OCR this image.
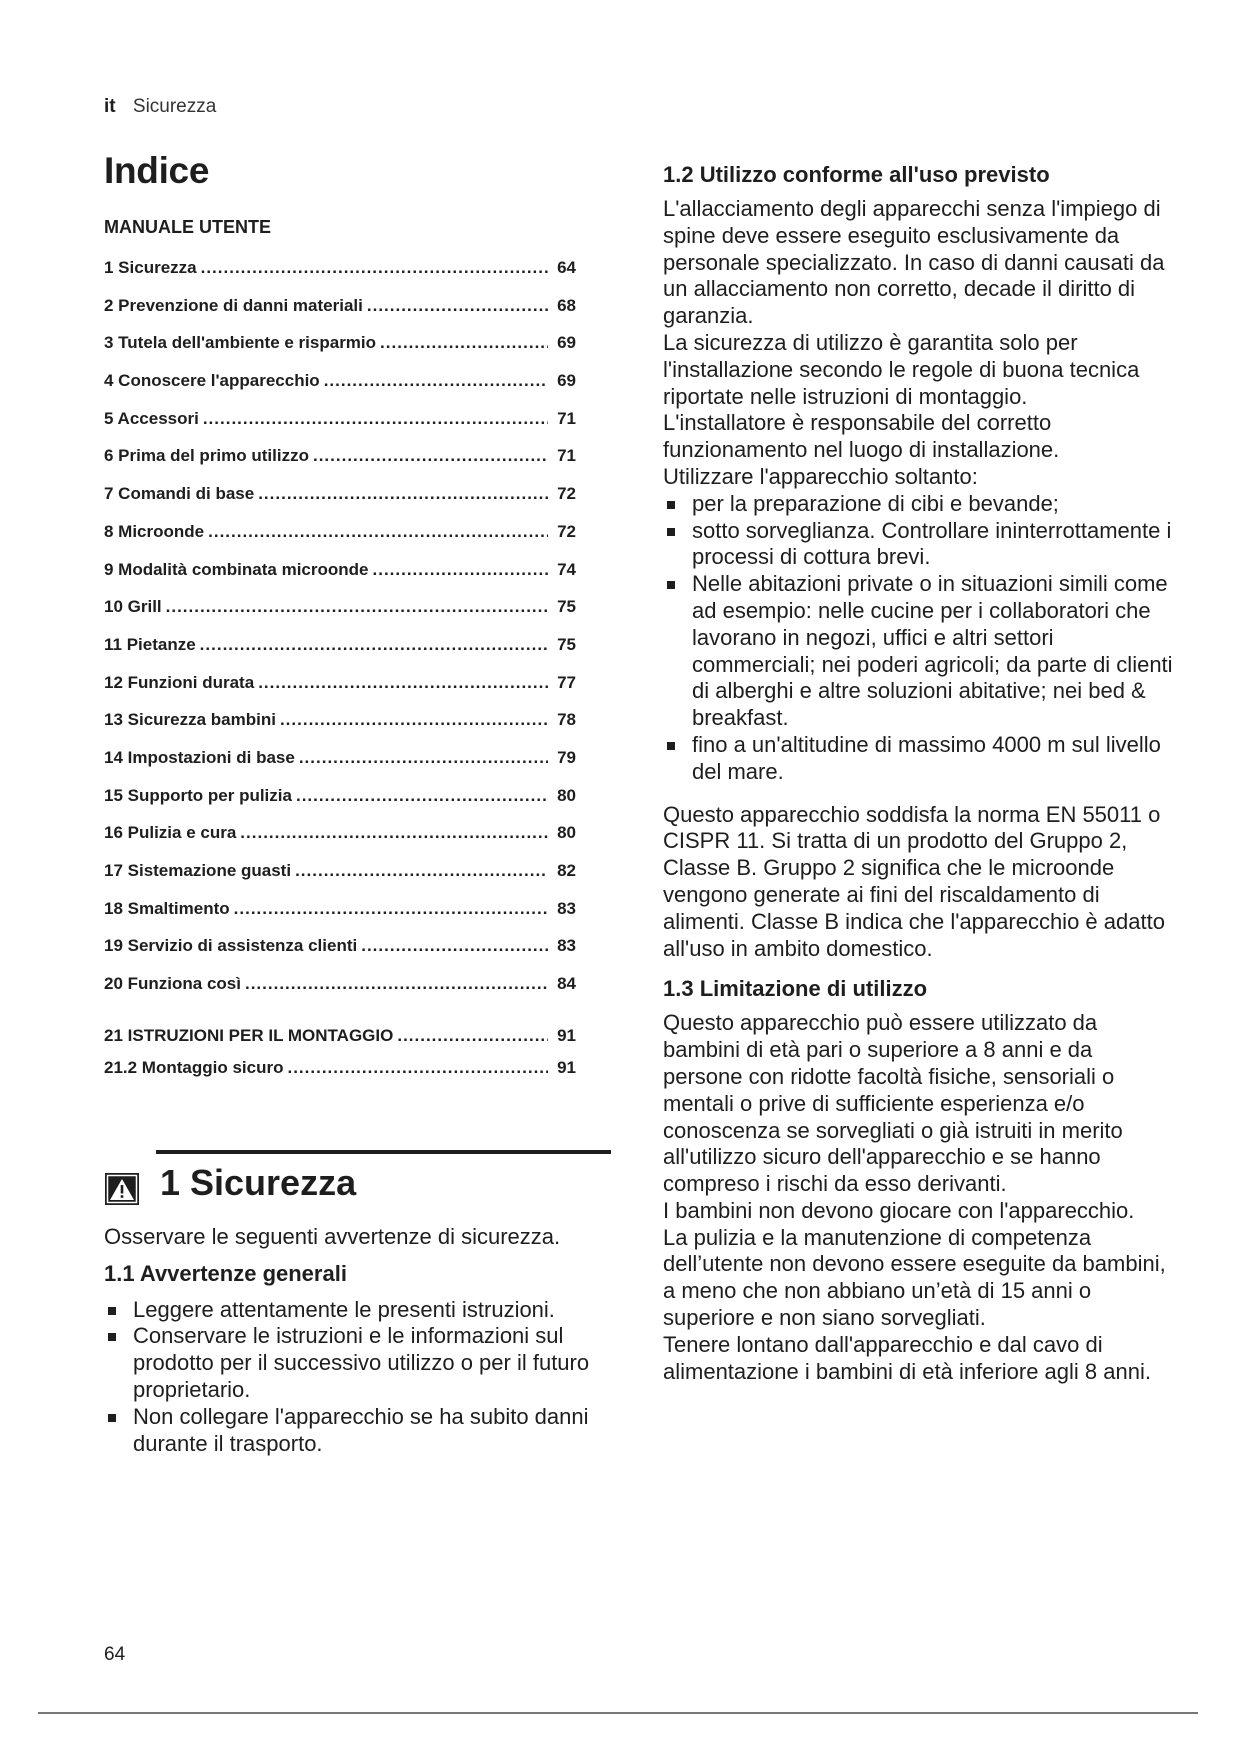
it Sicurezza
Indice
MANUALE UTENTE
1 Sicurezza .....	64
2 Prevenzione di danni materiali .....	68
3 Tutela dell'ambiente e risparmio .....	69
4 Conoscere l'apparecchio .....	69
5 Accessori .....	71
6 Prima del primo utilizzo .....	71
7 Comandi di base .....	72
8 Microonde .....	72
9 Modalità combinata microonde .....	74
10 Grill .....	75
11 Pietanze .....	75
12 Funzioni durata .....	77
13 Sicurezza bambini .....	78
14 Impostazioni di base .....	79
15 Supporto per pulizia .....	80
16 Pulizia e cura .....	80
17 Sistemazione guasti .....	82
18 Smaltimento .....	83
19 Servizio di assistenza clienti .....	83
20 Funziona così .....	84
21 ISTRUZIONI PER IL MONTAGGIO .....	91
21.2 Montaggio sicuro .....	91
1 Sicurezza

Osservare le seguenti avvertenze di sicurezza.

1.1 Avvertenze generali
Leggere attentamente le presenti istruzioni.
Conservare le istruzioni e le informazioni sul prodotto per il successivo utilizzo o per il futuro proprietario.
Non collegare l'apparecchio se ha subito danni durante il trasporto.
1.2 Utilizzo conforme all'uso previsto

L'allacciamento degli apparecchi senza l'impiego di spine deve essere eseguito esclusivamente da personale specializzato. In caso di danni causati da un allacciamento non corretto, decade il diritto di garanzia.

La sicurezza di utilizzo è garantita solo per l'installazione secondo le regole di buona tecnica riportate nelle istruzioni di montaggio.

L'installatore è responsabile del corretto funzionamento nel luogo di installazione.

Utilizzare l'apparecchio soltanto:

per la preparazione di cibi e bevande;
sotto sorveglianza. Controllare ininterrottamente i processi di cottura brevi.
Nelle abitazioni private o in situazioni simili come ad esempio: nelle cucine per i collaboratori che lavorano in negozi, uffici e altri settori commerciali; nei poderi agricoli; da parte di clienti di alberghi e altre soluzioni abitative; nei bed & breakfast.
fino a un'altitudine di massimo 4000 m sul livello del mare.

Questo apparecchio soddisfa la norma EN 55011 o CISPR 11. Si tratta di un prodotto del Gruppo 2, Classe B. Gruppo 2 significa che le microonde vengono generate ai fini del riscaldamento di alimenti. Classe B indica che l'apparecchio è adatto all'uso in ambito domestico.

1.3 Limitazione di utilizzo

Questo apparecchio può essere utilizzato da bambini di età pari o superiore a 8 anni e da persone con ridotte facoltà fisiche, sensoriali o mentali o prive di sufficiente esperienza e/o conoscenza se sorvegliati o già istruiti in merito all'utilizzo sicuro dell'apparecchio e se hanno compreso i rischi da esso derivanti.

I bambini non devono giocare con l'apparecchio.

La pulizia e la manutenzione di competenza dell’utente non devono essere eseguite da bambini, a meno che non abbiano un’età di 15 anni o superiore e non siano sorvegliati.

Tenere lontano dall'apparecchio e dal cavo di alimentazione i bambini di età inferiore agli 8 anni.

64
